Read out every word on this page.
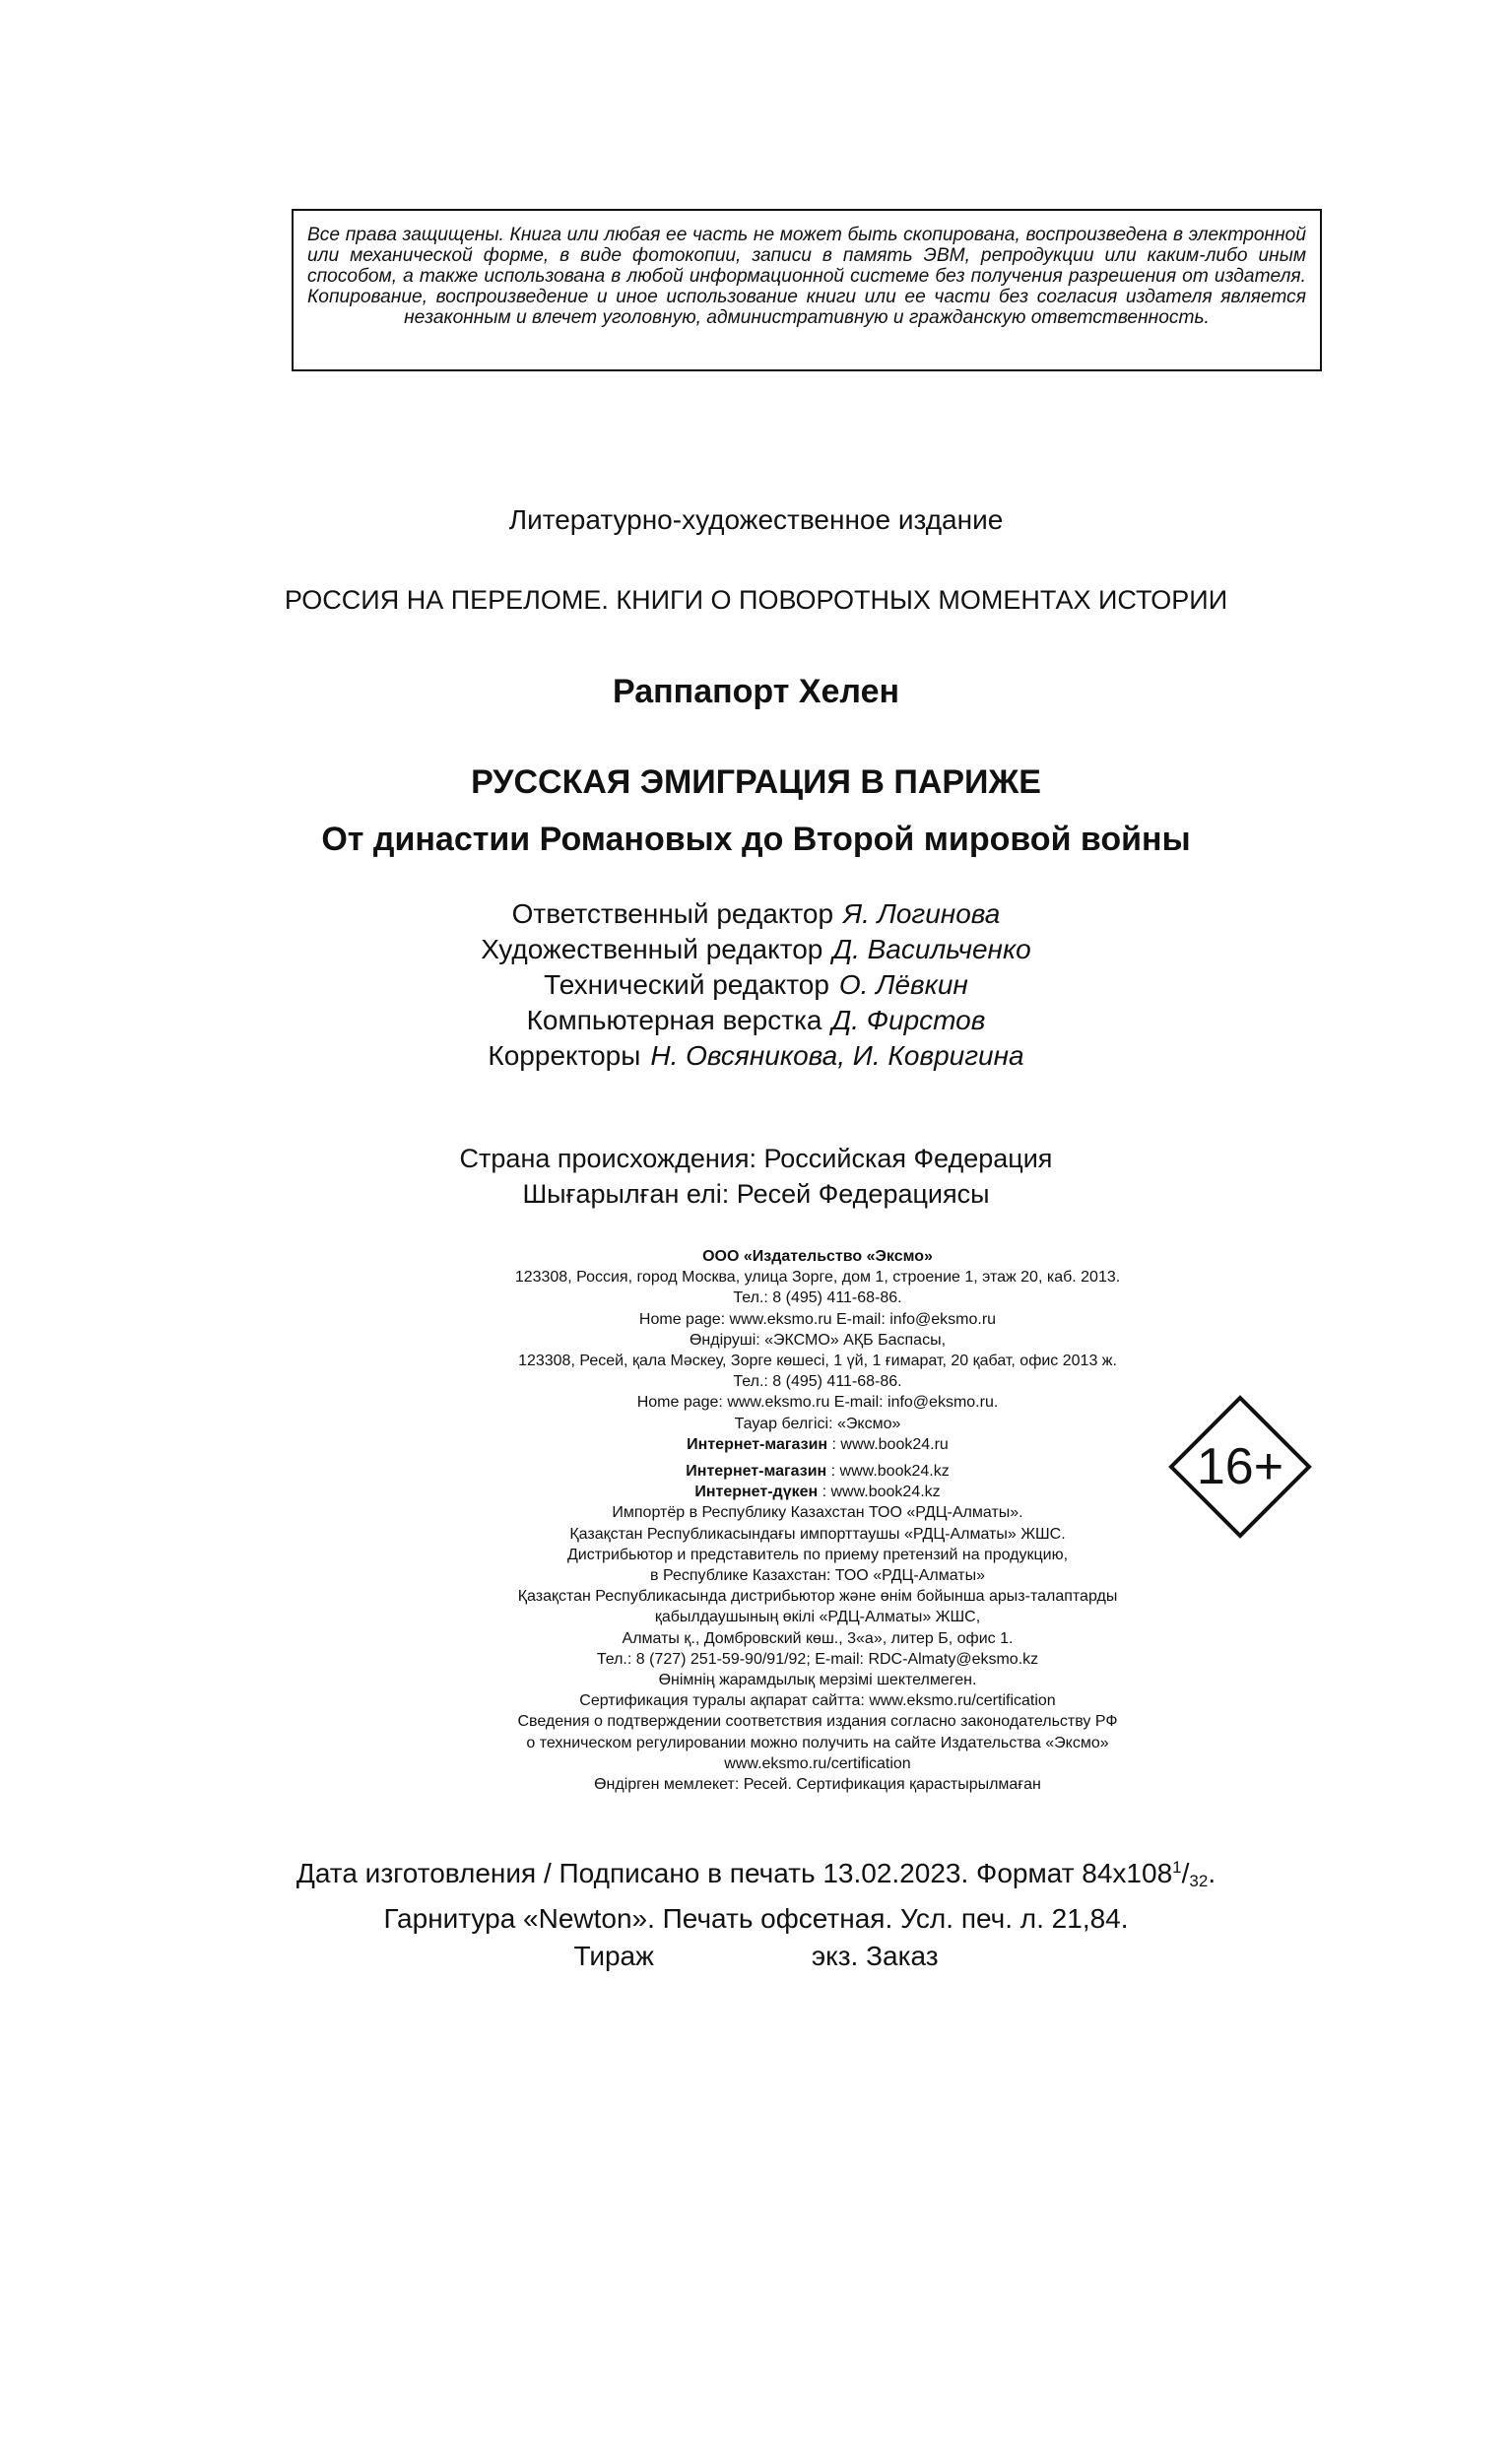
Все права защищены. Книга или любая ее часть не может быть скопирована, воспроизведена в электронной или механической форме, в виде фотокопии, записи в память ЭВМ, репродукции или каким-либо иным способом, а также использована в любой информационной системе без получения разрешения от издателя. Копирование, воспроизведение и иное использование книги или ее части без согласия издателя является незаконным и влечет уголовную, административную и гражданскую ответственность.

Литературно-художественное издание

РОССИЯ НА ПЕРЕЛОМЕ. КНИГИ О ПОВОРОТНЫХ МОМЕНТАХ ИСТОРИИ

Раппапорт Хелен

РУССКАЯ ЭМИГРАЦИЯ В ПАРИЖЕ

От династии Романовых до Второй мировой войны

Ответственный редактор Я. Логинова
Художественный редактор Д. Васильченко
Технический редактор О. Лёвкин
Компьютерная верстка Д. Фирстов
Корректоры Н. Овсяникова, И. Ковригина
Страна происхождения: Российская Федерация
Шығарылған елі: Ресей Федерациясы
ООО «Издательство «Эксмо»
123308, Россия, город Москва, улица Зорге, дом 1, строение 1, этаж 20, каб. 2013.
Тел.: 8 (495) 411-68-86.
Home page: www.eksmo.ru E-mail: info@eksmo.ru
Өндіруші: «ЭКСМО» АҚБ Баспасы,
123308, Ресей, қала Мәскеу, Зорге көшесі, 1 үй, 1 ғимарат, 20 қабат, офис 2013 ж.
Тел.: 8 (495) 411-68-86.
Home page: www.eksmo.ru E-mail: info@eksmo.ru.
Тауар белгісі: «Эксмо»
Интернет-магазин : www.book24.ru
Интернет-магазин : www.book24.kz
Интернет-дүкен : www.book24.kz
Импортёр в Республику Казахстан ТОО «РДЦ-Алматы».
Қазақстан Республикасындағы импорттаушы «РДЦ-Алматы» ЖШС.
Дистрибьютор и представитель по приему претензий на продукцию,
в Республике Казахстан: ТОО «РДЦ-Алматы»
Қазақстан Республикасында дистрибьютор және өнім бойынша арыз-талаптарды
қабылдаушының өкілі «РДЦ-Алматы» ЖШС,
Алматы қ., Домбровский көш., 3«а», литер Б, офис 1.
Тел.: 8 (727) 251-59-90/91/92; E-mail: RDC-Almaty@eksmo.kz
Өнімнің жарамдылық мерзімі шектелмеген.
Сертификация туралы ақпарат сайтта: www.eksmo.ru/certification
Сведения о подтверждении соответствия издания согласно законодательству РФ
о техническом регулировании можно получить на сайте Издательства «Эксмо»
www.eksmo.ru/certification
Өндірген мемлекет: Ресей. Сертификация қарастырылмаған
16+
Дата изготовления / Подписано в печать 13.02.2023. Формат $84x108^1/_{32}$.
Гарнитура «Newton». Печать офсетная. Усл. печ. л. 21,84.
Тираж	экз. Заказ
